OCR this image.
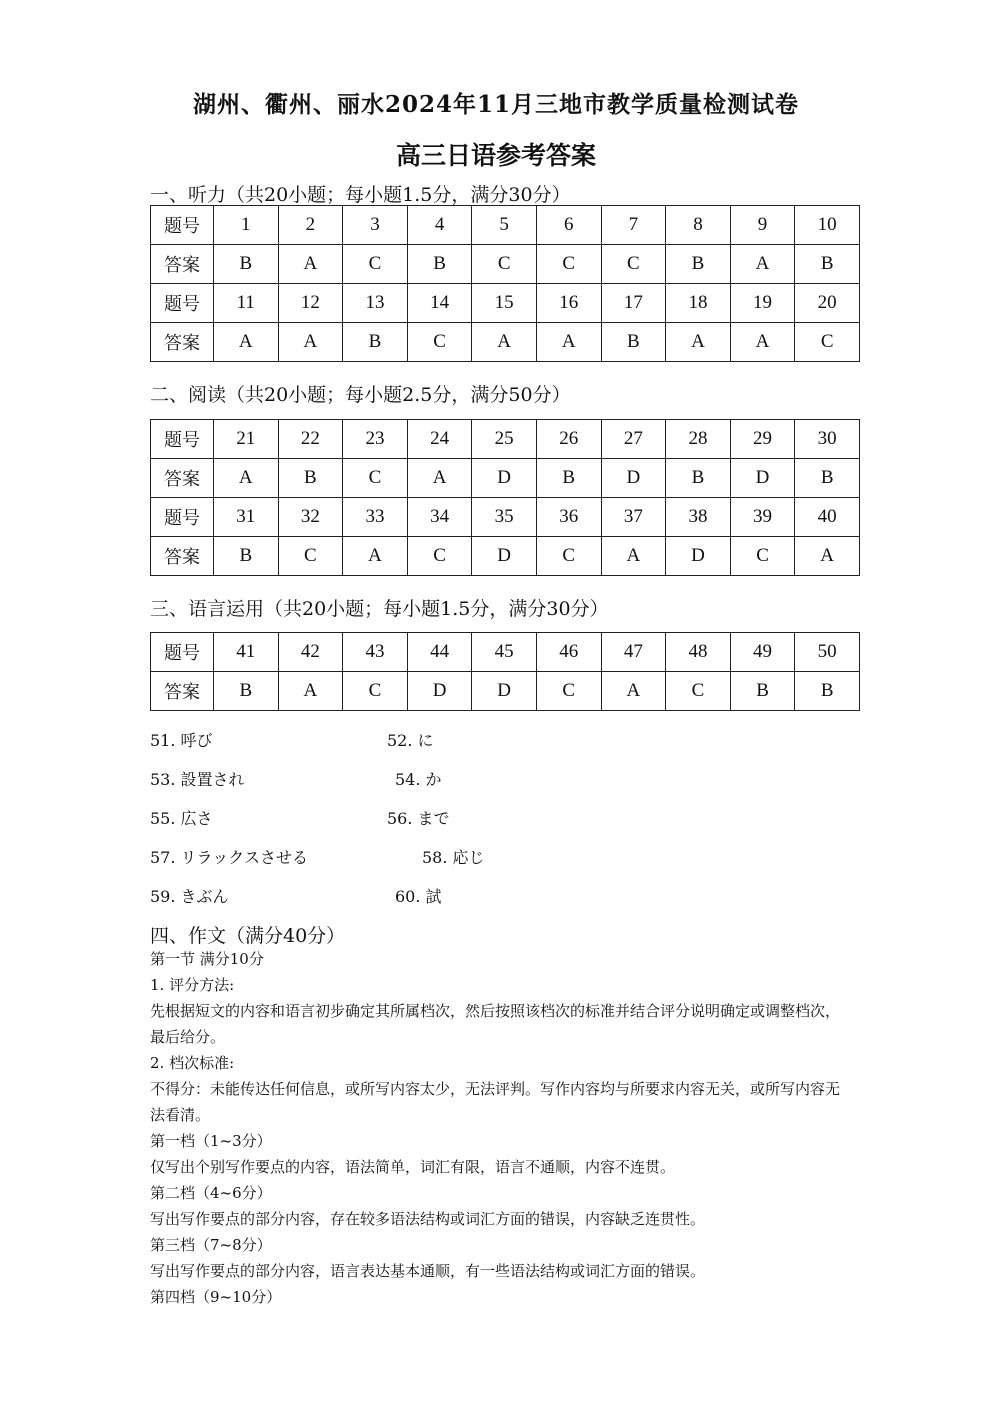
湖州、衢州、丽水2024年11月三地市教学质量检测试卷
高三日语参考答案
一、听力（共20小题；每小题1.5分，满分30分）
题号	1	2	3	4	5	6	7	8	9	10
答案	B	A	C	B	C	C	C	B	A	B
题号	11	12	13	14	15	16	17	18	19	20
答案	A	A	B	C	A	A	B	A	A	C
二、阅读（共20小题；每小题2.5分，满分50分）
题号	21	22	23	24	25	26	27	28	29	30
答案	A	B	C	A	D	B	D	B	D	B
题号	31	32	33	34	35	36	37	38	39	40
答案	B	C	A	C	D	C	A	D	C	A
三、语言运用（共20小题；每小题1.5分，满分30分）
题号	41	42	43	44	45	46	47	48	49	50
答案	B	A	C	D	D	C	A	C	B	B
51. 呼び	52. に
53. 設置され	54. か
55. 広さ	56. まで
57. リラックスさせる	58. 応じ
59. きぶん	60. 試
四、作文（满分40分）
第一节 满分10分
1. 评分方法:
先根据短文的内容和语言初步确定其所属档次，然后按照该档次的标准并结合评分说明确定或调整档次，最后给分。
2. 档次标准:
不得分：未能传达任何信息，或所写内容太少，无法评判。写作内容均与所要求内容无关，或所写内容无法看清。
第一档（1~3分）
仅写出个别写作要点的内容，语法简单，词汇有限，语言不通顺，内容不连贯。
第二档（4~6分）
写出写作要点的部分内容，存在较多语法结构或词汇方面的错误，内容缺乏连贯性。
第三档（7~8分）
写出写作要点的部分内容，语言表达基本通顺，有一些语法结构或词汇方面的错误。
第四档（9~10分）
